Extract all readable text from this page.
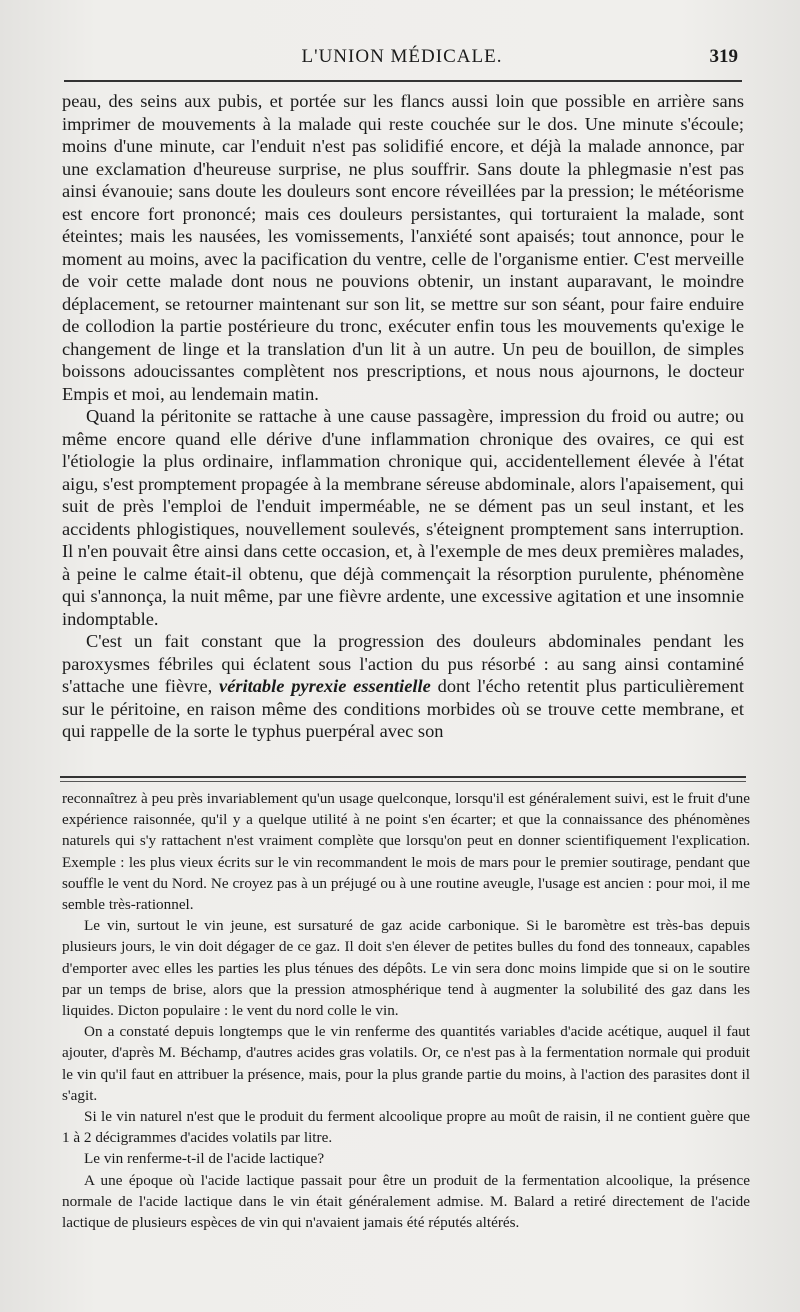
L'UNION MÉDICALE.	319

peau, des seins aux pubis, et portée sur les flancs aussi loin que possible en arrière sans imprimer de mouvements à la malade qui reste couchée sur le dos. Une minute s'écoule; moins d'une minute, car l'enduit n'est pas solidifié encore, et déjà la malade annonce, par une exclamation d'heureuse surprise, ne plus souffrir. Sans doute la phlegmasie n'est pas ainsi évanouie; sans doute les douleurs sont encore réveillées par la pression; le météorisme est encore fort prononcé; mais ces douleurs persistantes, qui torturaient la malade, sont éteintes; mais les nausées, les vomissements, l'anxiété sont apaisés; tout annonce, pour le moment au moins, avec la pacification du ventre, celle de l'organisme entier. C'est merveille de voir cette malade dont nous ne pouvions obtenir, un instant auparavant, le moindre déplacement, se retourner maintenant sur son lit, se mettre sur son séant, pour faire enduire de collodion la partie postérieure du tronc, exécuter enfin tous les mouvements qu'exige le changement de linge et la translation d'un lit à un autre. Un peu de bouillon, de simples boissons adoucissantes complètent nos prescriptions, et nous nous ajournons, le docteur Empis et moi, au lendemain matin.

Quand la péritonite se rattache à une cause passagère, impression du froid ou autre; ou même encore quand elle dérive d'une inflammation chronique des ovaires, ce qui est l'étiologie la plus ordinaire, inflammation chronique qui, accidentellement élevée à l'état aigu, s'est promptement propagée à la membrane séreuse abdominale, alors l'apaisement, qui suit de près l'emploi de l'enduit imperméable, ne se dément pas un seul instant, et les accidents phlogistiques, nouvellement soulevés, s'éteignent promptement sans interruption. Il n'en pouvait être ainsi dans cette occasion, et, à l'exemple de mes deux premières malades, à peine le calme était-il obtenu, que déjà commençait la résorption purulente, phénomène qui s'annonça, la nuit même, par une fièvre ardente, une excessive agitation et une insomnie indomptable.

C'est un fait constant que la progression des douleurs abdominales pendant les paroxysmes fébriles qui éclatent sous l'action du pus résorbé : au sang ainsi contaminé s'attache une fièvre, véritable pyrexie essentielle dont l'écho retentit plus particulièrement sur le péritoine, en raison même des conditions morbides où se trouve cette membrane, et qui rappelle de la sorte le typhus puerpéral avec son

reconnaîtrez à peu près invariablement qu'un usage quelconque, lorsqu'il est généralement suivi, est le fruit d'une expérience raisonnée, qu'il y a quelque utilité à ne point s'en écarter; et que la connaissance des phénomènes naturels qui s'y rattachent n'est vraiment complète que lorsqu'on peut en donner scientifiquement l'explication. Exemple : les plus vieux écrits sur le vin recommandent le mois de mars pour le premier soutirage, pendant que souffle le vent du Nord. Ne croyez pas à un préjugé ou à une routine aveugle, l'usage est ancien : pour moi, il me semble très-rationnel.

Le vin, surtout le vin jeune, est sursaturé de gaz acide carbonique. Si le baromètre est très-bas depuis plusieurs jours, le vin doit dégager de ce gaz. Il doit s'en élever de petites bulles du fond des tonneaux, capables d'emporter avec elles les parties les plus ténues des dépôts. Le vin sera donc moins limpide que si on le soutire par un temps de brise, alors que la pression atmosphérique tend à augmenter la solubilité des gaz dans les liquides. Dicton populaire : le vent du nord colle le vin.

On a constaté depuis longtemps que le vin renferme des quantités variables d'acide acétique, auquel il faut ajouter, d'après M. Béchamp, d'autres acides gras volatils. Or, ce n'est pas à la fermentation normale qui produit le vin qu'il faut en attribuer la présence, mais, pour la plus grande partie du moins, à l'action des parasites dont il s'agit.

Si le vin naturel n'est que le produit du ferment alcoolique propre au moût de raisin, il ne contient guère que 1 à 2 décigrammes d'acides volatils par litre.

Le vin renferme-t-il de l'acide lactique?

A une époque où l'acide lactique passait pour être un produit de la fermentation alcoolique, la présence normale de l'acide lactique dans le vin était généralement admise. M. Balard a retiré directement de l'acide lactique de plusieurs espèces de vin qui n'avaient jamais été réputés altérés.
